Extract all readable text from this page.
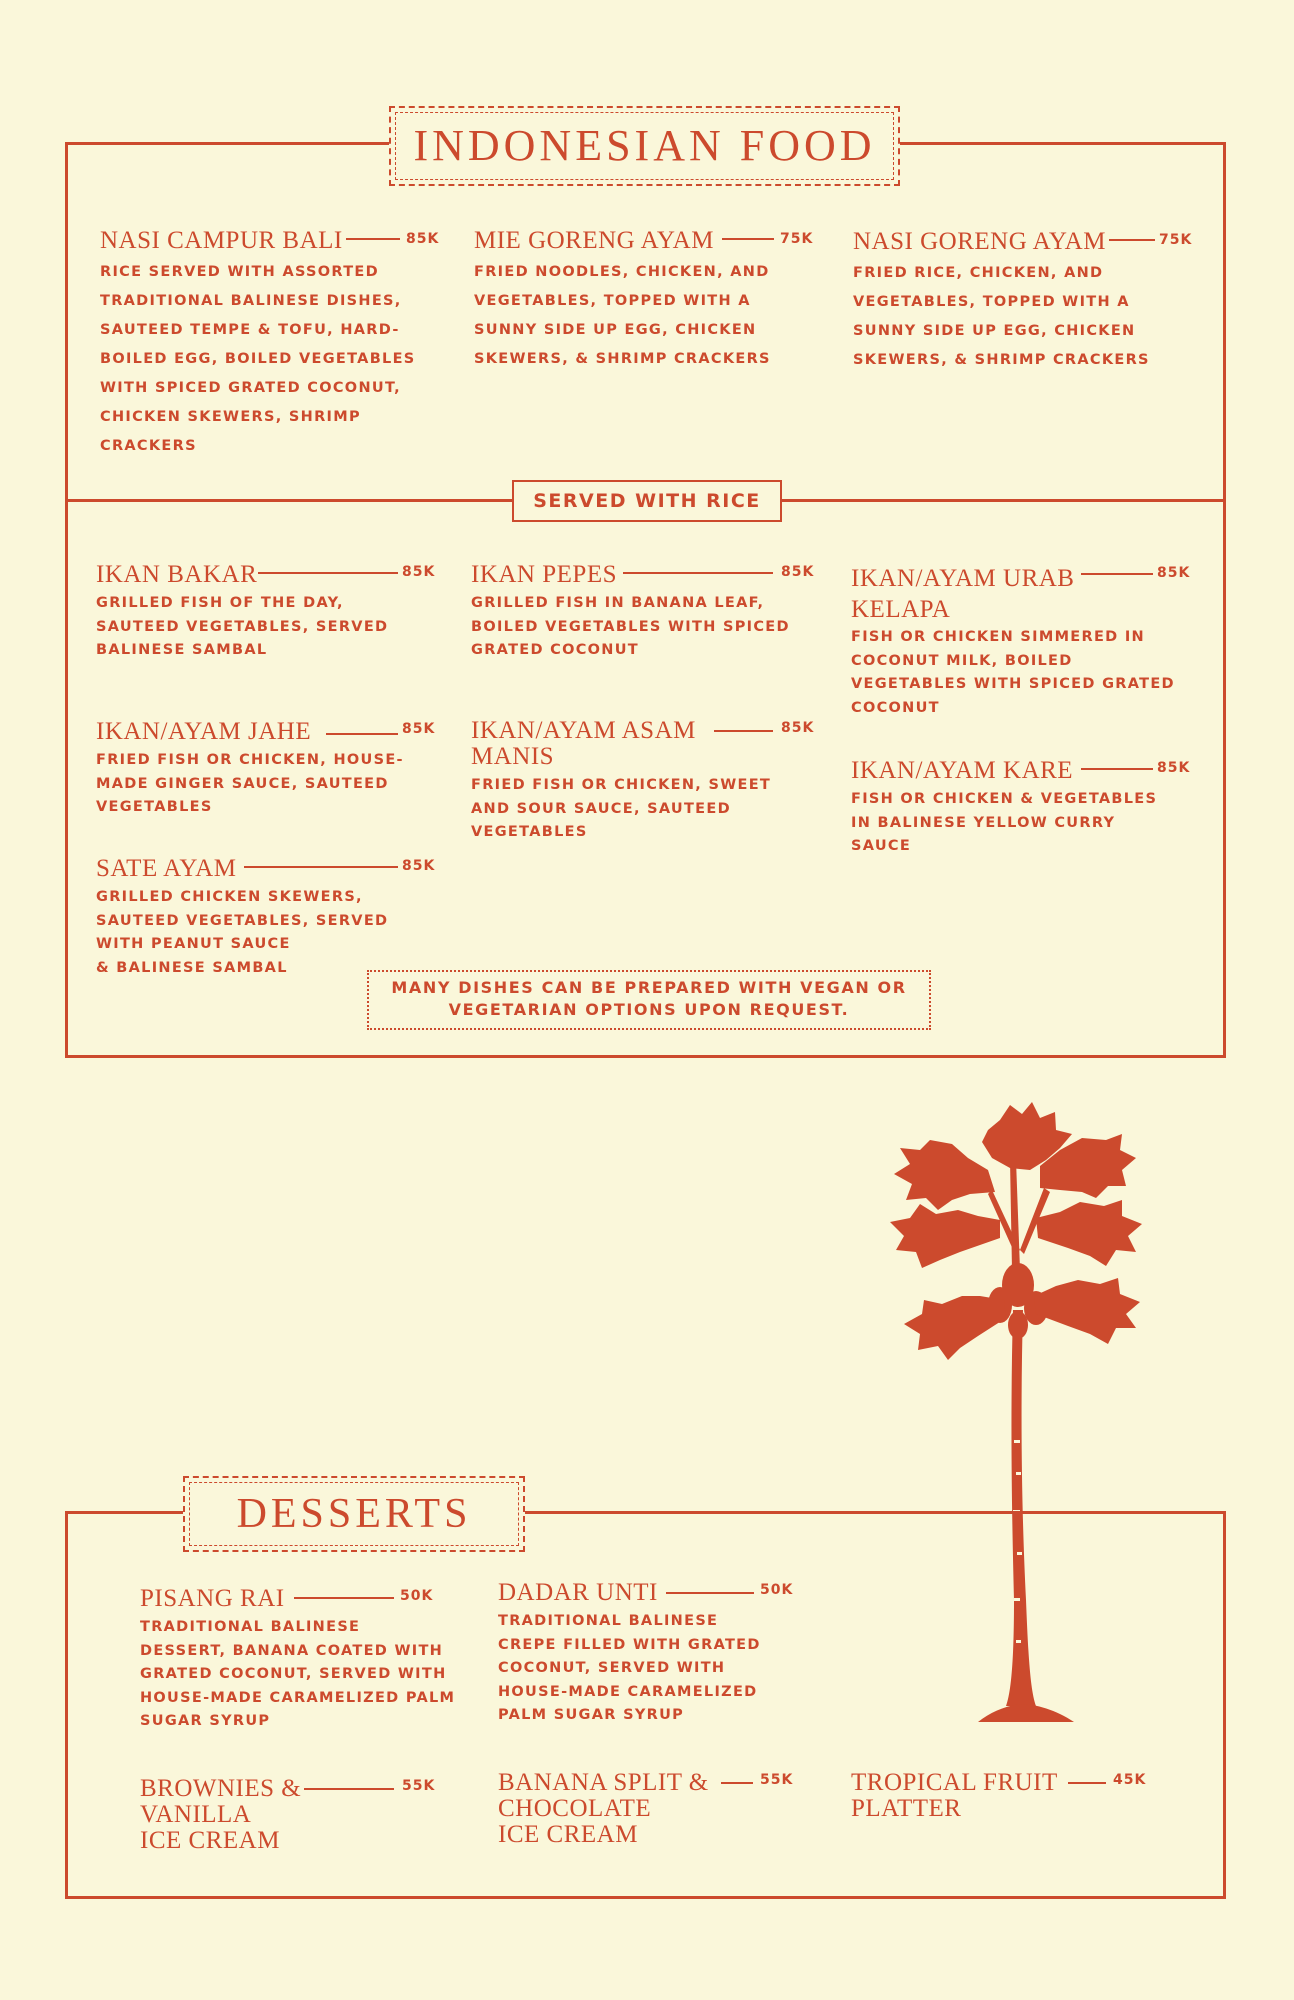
INDONESIAN FOOD
SERVED WITH RICE
NASI CAMPUR BALI	85K
RICE SERVED WITH ASSORTED
TRADITIONAL BALINESE DISHES,
SAUTEED TEMPE & TOFU, HARD-
BOILED EGG, BOILED VEGETABLES
WITH SPICED GRATED COCONUT,
CHICKEN SKEWERS, SHRIMP CRACKERS
MIE GORENG AYAM	75K
FRIED NOODLES, CHICKEN, AND
VEGETABLES, TOPPED WITH A
SUNNY SIDE UP EGG, CHICKEN
SKEWERS, & SHRIMP CRACKERS
NASI GORENG AYAM	75K
FRIED RICE, CHICKEN, AND
VEGETABLES, TOPPED WITH A
SUNNY SIDE UP EGG, CHICKEN
SKEWERS, & SHRIMP CRACKERS
IKAN BAKAR	85K
GRILLED FISH OF THE DAY,
SAUTEED VEGETABLES, SERVED
BALINESE SAMBAL
IKAN PEPES	85K
GRILLED FISH IN BANANA LEAF,
BOILED VEGETABLES WITH SPICED
GRATED COCONUT
IKAN/AYAM URAB
KELAPA
85K
FISH OR CHICKEN SIMMERED IN
COCONUT MILK, BOILED
VEGETABLES WITH SPICED GRATED
COCONUT
IKAN/AYAM JAHE	85K
FRIED FISH OR CHICKEN, HOUSE-
MADE GINGER SAUCE, SAUTEED
VEGETABLES
IKAN/AYAM ASAM
MANIS
85K
FRIED FISH OR CHICKEN, SWEET
AND SOUR SAUCE, SAUTEED
VEGETABLES
IKAN/AYAM KARE	85K
FISH OR CHICKEN & VEGETABLES
IN BALINESE YELLOW CURRY
SAUCE
SATE AYAM	85K
GRILLED CHICKEN SKEWERS,
SAUTEED VEGETABLES, SERVED
WITH PEANUT SAUCE
& BALINESE SAMBAL
MANY DISHES CAN BE PREPARED WITH VEGAN OR
VEGETARIAN OPTIONS UPON REQUEST.
DESSERTS
PISANG RAI	50K
TRADITIONAL BALINESE
DESSERT, BANANA COATED WITH
GRATED COCONUT, SERVED WITH
HOUSE-MADE CARAMELIZED PALM
SUGAR SYRUP
DADAR UNTI	50K
TRADITIONAL BALINESE
CREPE FILLED WITH GRATED
COCONUT, SERVED WITH
HOUSE-MADE CARAMELIZED
PALM SUGAR SYRUP
BROWNIES &
VANILLA
ICE CREAM
55K	BANANA SPLIT &
CHOCOLATE
ICE CREAM
55K TROPICAL FRUIT
PLATTER
45K
